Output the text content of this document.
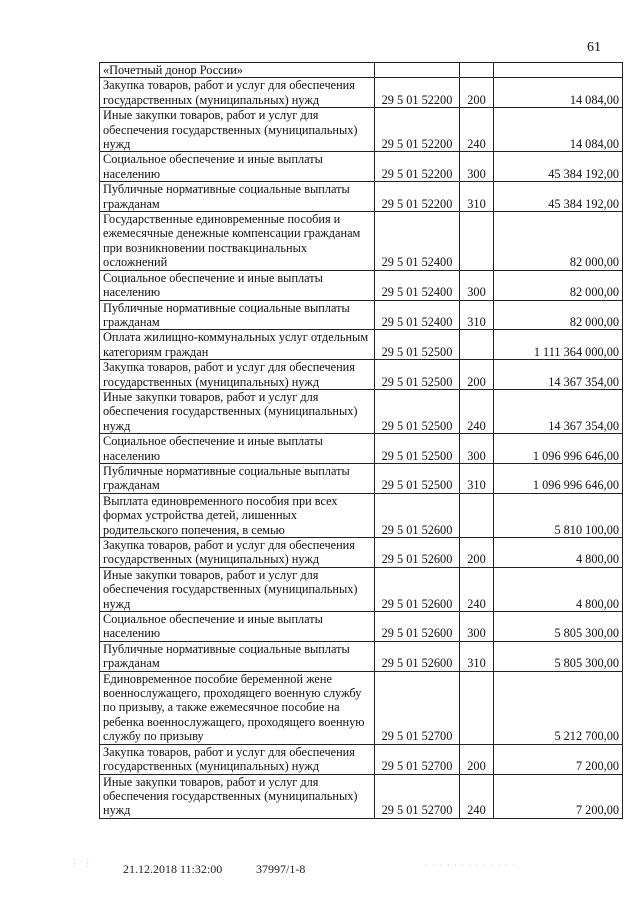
61
«Почетный донор России»			
Закупка товаров, работ и услуг для обеспечения государственных (муниципальных) нужд	29 5 01 52200	200	14 084,00
Иные закупки товаров, работ и услуг для обеспечения государственных (муниципальных) нужд	29 5 01 52200	240	14 084,00
Социальное обеспечение и иные выплаты населению	29 5 01 52200	300	45 384 192,00
Публичные нормативные социальные выплаты гражданам	29 5 01 52200	310	45 384 192,00
Государственные единовременные пособия и ежемесячные денежные компенсации гражданам при возникновении поствакцинальных осложнений	29 5 01 52400		82 000,00
Социальное обеспечение и иные выплаты населению	29 5 01 52400	300	82 000,00
Публичные нормативные социальные выплаты гражданам	29 5 01 52400	310	82 000,00
Оплата жилищно-коммунальных услуг отдельным категориям граждан	29 5 01 52500		1 111 364 000,00
Закупка товаров, работ и услуг для обеспечения государственных (муниципальных) нужд	29 5 01 52500	200	14 367 354,00
Иные закупки товаров, работ и услуг для обеспечения государственных (муниципальных) нужд	29 5 01 52500	240	14 367 354,00
Социальное обеспечение и иные выплаты населению	29 5 01 52500	300	1 096 996 646,00
Публичные нормативные социальные выплаты гражданам	29 5 01 52500	310	1 096 996 646,00
Выплата единовременного пособия при всех формах устройства детей, лишенных родительского попечения, в семью	29 5 01 52600		5 810 100,00
Закупка товаров, работ и услуг для обеспечения государственных (муниципальных) нужд	29 5 01 52600	200	4 800,00
Иные закупки товаров, работ и услуг для обеспечения государственных (муниципальных) нужд	29 5 01 52600	240	4 800,00
Социальное обеспечение и иные выплаты населению	29 5 01 52600	300	5 805 300,00
Публичные нормативные социальные выплаты гражданам	29 5 01 52600	310	5 805 300,00
Единовременное пособие беременной жене военнослужащего, проходящего военную службу по призыву, а также ежемесячное пособие на ребенка военнослужащего, проходящего военную службу по призыву	29 5 01 52700		5 212 700,00
Закупка товаров, работ и услуг для обеспечения государственных (муниципальных) нужд	29 5 01 52700	200	7 200,00
Иные закупки товаров, работ и услуг для обеспечения государственных (муниципальных) нужд	29 5 01 52700	240	7 200,00
⋮ ⋮	· · · · · · · · · · · · ·
21.12.2018 11:32:00	37997/1-8
